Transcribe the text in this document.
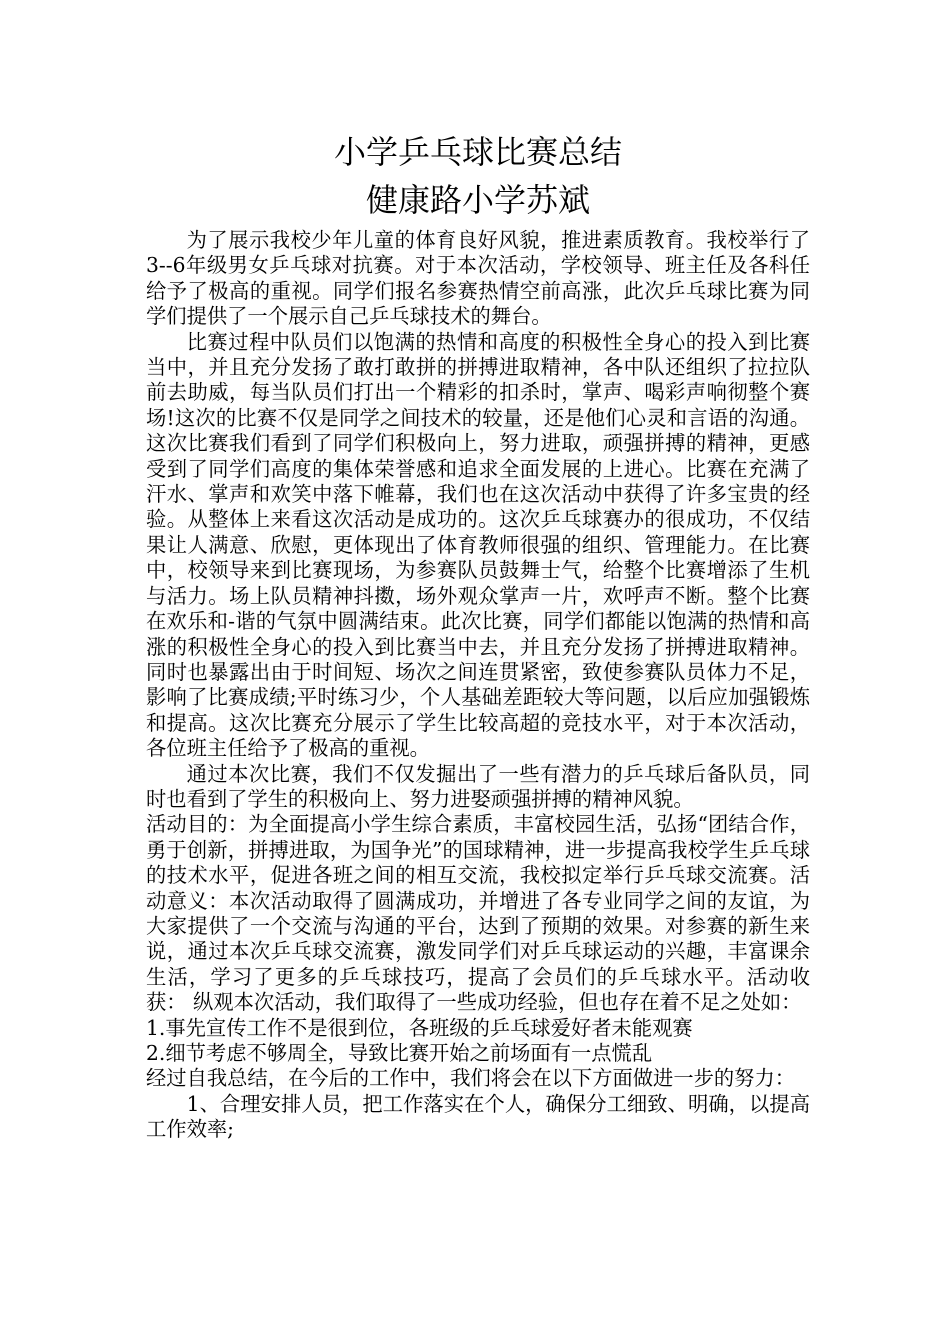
小学乒乓球比赛总结
健康路小学苏斌

为了展示我校少年儿童的体育良好风貌，推进素质教育。我校举行了3--6年级男女乒乓球对抗赛。对于本次活动，学校领导、班主任及各科任给予了极高的重视。同学们报名参赛热情空前高涨，此次乒乓球比赛为同学们提供了一个展示自己乒乓球技术的舞台。

比赛过程中队员们以饱满的热情和高度的积极性全身心的投入到比赛当中，并且充分发扬了敢打敢拼的拼搏进取精神，各中队还组织了拉拉队前去助威，每当队员们打出一个精彩的扣杀时，掌声、喝彩声响彻整个赛场!这次的比赛不仅是同学之间技术的较量，还是他们心灵和言语的沟通。这次比赛我们看到了同学们积极向上，努力进取，顽强拼搏的精神，更感受到了同学们高度的集体荣誉感和追求全面发展的上进心。比赛在充满了汗水、掌声和欢笑中落下帷幕，我们也在这次活动中获得了许多宝贵的经验。从整体上来看这次活动是成功的。这次乒乓球赛办的很成功，不仅结果让人满意、欣慰，更体现出了体育教师很强的组织、管理能力。在比赛中，校领导来到比赛现场，为参赛队员鼓舞士气，给整个比赛增添了生机与活力。场上队员精神抖擞，场外观众掌声一片，欢呼声不断。整个比赛在欢乐和-谐的气氛中圆满结束。此次比赛，同学们都能以饱满的热情和高涨的积极性全身心的投入到比赛当中去，并且充分发扬了拼搏进取精神。同时也暴露出由于时间短、场次之间连贯紧密，致使参赛队员体力不足，影响了比赛成绩;平时练习少，个人基础差距较大等问题，以后应加强锻炼和提高。这次比赛充分展示了学生比较高超的竞技水平，对于本次活动，各位班主任给予了极高的重视。

通过本次比赛，我们不仅发掘出了一些有潜力的乒乓球后备队员，同时也看到了学生的积极向上、努力进娶顽强拼搏的精神风貌。

活动目的：为全面提高小学生综合素质，丰富校园生活，弘扬“团结合作，勇于创新，拼搏进取，为国争光”的国球精神，进一步提高我校学生乒乓球的技术水平，促进各班之间的相互交流，我校拟定举行乒乓球交流赛。活动意义：本次活动取得了圆满成功，并增进了各专业同学之间的友谊，为大家提供了一个交流与沟通的平台，达到了预期的效果。对参赛的新生来说，通过本次乒乓球交流赛，激发同学们对乒乓球运动的兴趣，丰富课余生活，学习了更多的乒乓球技巧，提高了会员们的乒乓球水平。活动收获： 纵观本次活动，我们取得了一些成功经验，但也存在着不足之处如：

1.事先宣传工作不是很到位，各班级的乒乓球爱好者未能观赛

2.细节考虑不够周全，导致比赛开始之前场面有一点慌乱

经过自我总结，在今后的工作中，我们将会在以下方面做进一步的努力：

1、合理安排人员，把工作落实在个人，确保分工细致、明确，以提高工作效率;
